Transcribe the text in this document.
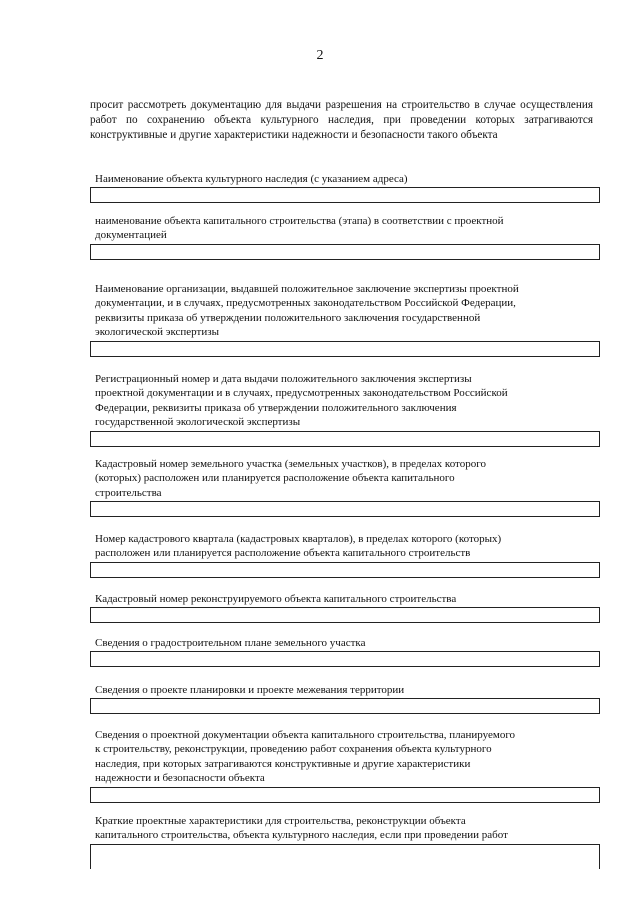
2
просит рассмотреть документацию для выдачи разрешения на строительство в случае осуществления работ по сохранению объекта культурного наследия, при проведении которых затрагиваются конструктивные и другие характеристики надежности и безопасности такого объекта
Наименование объекта культурного наследия (с указанием адреса)
наименование объекта капитального строительства (этапа) в соответствии с проектной
документацией
Наименование организации, выдавшей положительное заключение экспертизы проектной
документации, и в случаях, предусмотренных законодательством Российской Федерации,
реквизиты приказа об утверждении положительного заключения государственной
экологической экспертизы
Регистрационный номер и дата выдачи положительного заключения экспертизы
проектной документации и в случаях, предусмотренных законодательством Российской
Федерации, реквизиты приказа об утверждении положительного заключения
государственной экологической экспертизы
Кадастровый номер земельного участка (земельных участков), в пределах которого
(которых) расположен или планируется расположение объекта капитального
строительства
Номер кадастрового квартала (кадастровых кварталов), в пределах которого (которых)
расположен или планируется расположение объекта капитального строительств
Кадастровый номер реконструируемого объекта капитального строительства
Сведения о градостроительном плане земельного участка
Сведения о проекте планировки и проекте межевания территории
Сведения о проектной документации объекта капитального строительства, планируемого
к строительству, реконструкции, проведению работ сохранения объекта культурного
наследия, при которых затрагиваются конструктивные и другие характеристики
надежности и безопасности объекта
Краткие проектные характеристики для строительства, реконструкции объекта
капитального строительства, объекта культурного наследия, если при проведении работ
